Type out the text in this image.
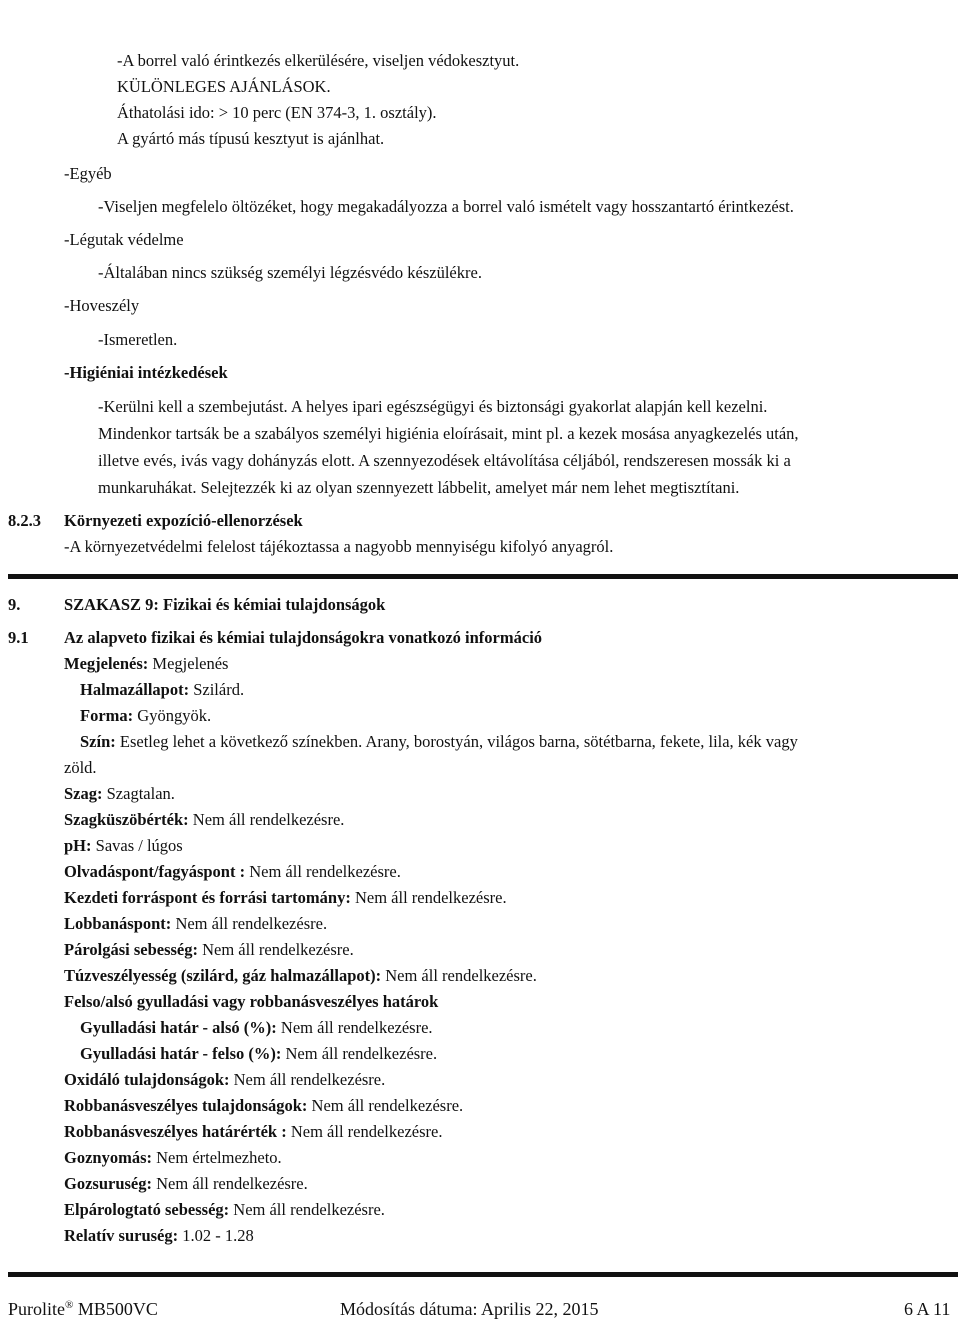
-A borrel való érintkezés elkerülésére, viseljen védokesztyut.
KÜLÖNLEGES AJÁNLÁSOK.
Áthatolási ido: > 10 perc (EN 374-3, 1. osztály).
A gyártó más típusú kesztyut is ajánlhat.
-Egyéb
-Viseljen megfelelo öltözéket, hogy megakadályozza a borrel való ismételt vagy hosszantartó érintkezést.
-Légutak védelme
-Általában nincs szükség személyi légzésvédo készülékre.
-Hoveszély
-Ismeretlen.
-Higiéniai intézkedések
-Kerülni kell a szembejutást. A helyes ipari egészségügyi és biztonsági gyakorlat alapján kell kezelni.
Mindenkor tartsák be a szabályos személyi higiénia eloírásait, mint pl. a kezek mosása anyagkezelés után,
illetve evés, ivás vagy dohányzás elott. A szennyezodések eltávolítása céljából, rendszeresen mossák ki a
munkaruhákat. Selejtezzék ki az olyan szennyezett lábbelit, amelyet már nem lehet megtisztítani.
8.2.3 Környezeti expozíció-ellenorzések
-A környezetvédelmi felelost tájékoztassa a nagyobb mennyiségu kifolyó anyagról.
9.	SZAKASZ 9: Fizikai és kémiai tulajdonságok
9.1 Az alapveto fizikai és kémiai tulajdonságokra vonatkozó információ
Megjelenés: Megjelenés
Halmazállapot: Szilárd.
Forma: Gyöngyök.
Szín: Esetleg lehet a következő színekben. Arany, borostyán, világos barna, sötétbarna, fekete, lila, kék vagy
zöld.
Szag: Szagtalan.
Szagküszöbérték: Nem áll rendelkezésre.
pH: Savas / lúgos
Olvadáspont/fagyáspont : Nem áll rendelkezésre.
Kezdeti forráspont és forrási tartomány: Nem áll rendelkezésre.
Lobbanáspont: Nem áll rendelkezésre.
Párolgási sebesség: Nem áll rendelkezésre.
Túzveszélyesség (szilárd, gáz halmazállapot): Nem áll rendelkezésre.
Felso/alsó gyulladási vagy robbanásveszélyes határok
Gyulladási határ - alsó (%): Nem áll rendelkezésre.
Gyulladási határ - felso (%): Nem áll rendelkezésre.
Oxidáló tulajdonságok: Nem áll rendelkezésre.
Robbanásveszélyes tulajdonságok: Nem áll rendelkezésre.
Robbanásveszélyes határérték : Nem áll rendelkezésre.
Goznyomás: Nem értelmezheto.
Gozsuruség: Nem áll rendelkezésre.
Elpárologtató sebesség: Nem áll rendelkezésre.
Relatív suruség: 1.02 - 1.28
Purolite® MB500VC	Módosítás dátuma: Aprilis 22, 2015	6 A 11
